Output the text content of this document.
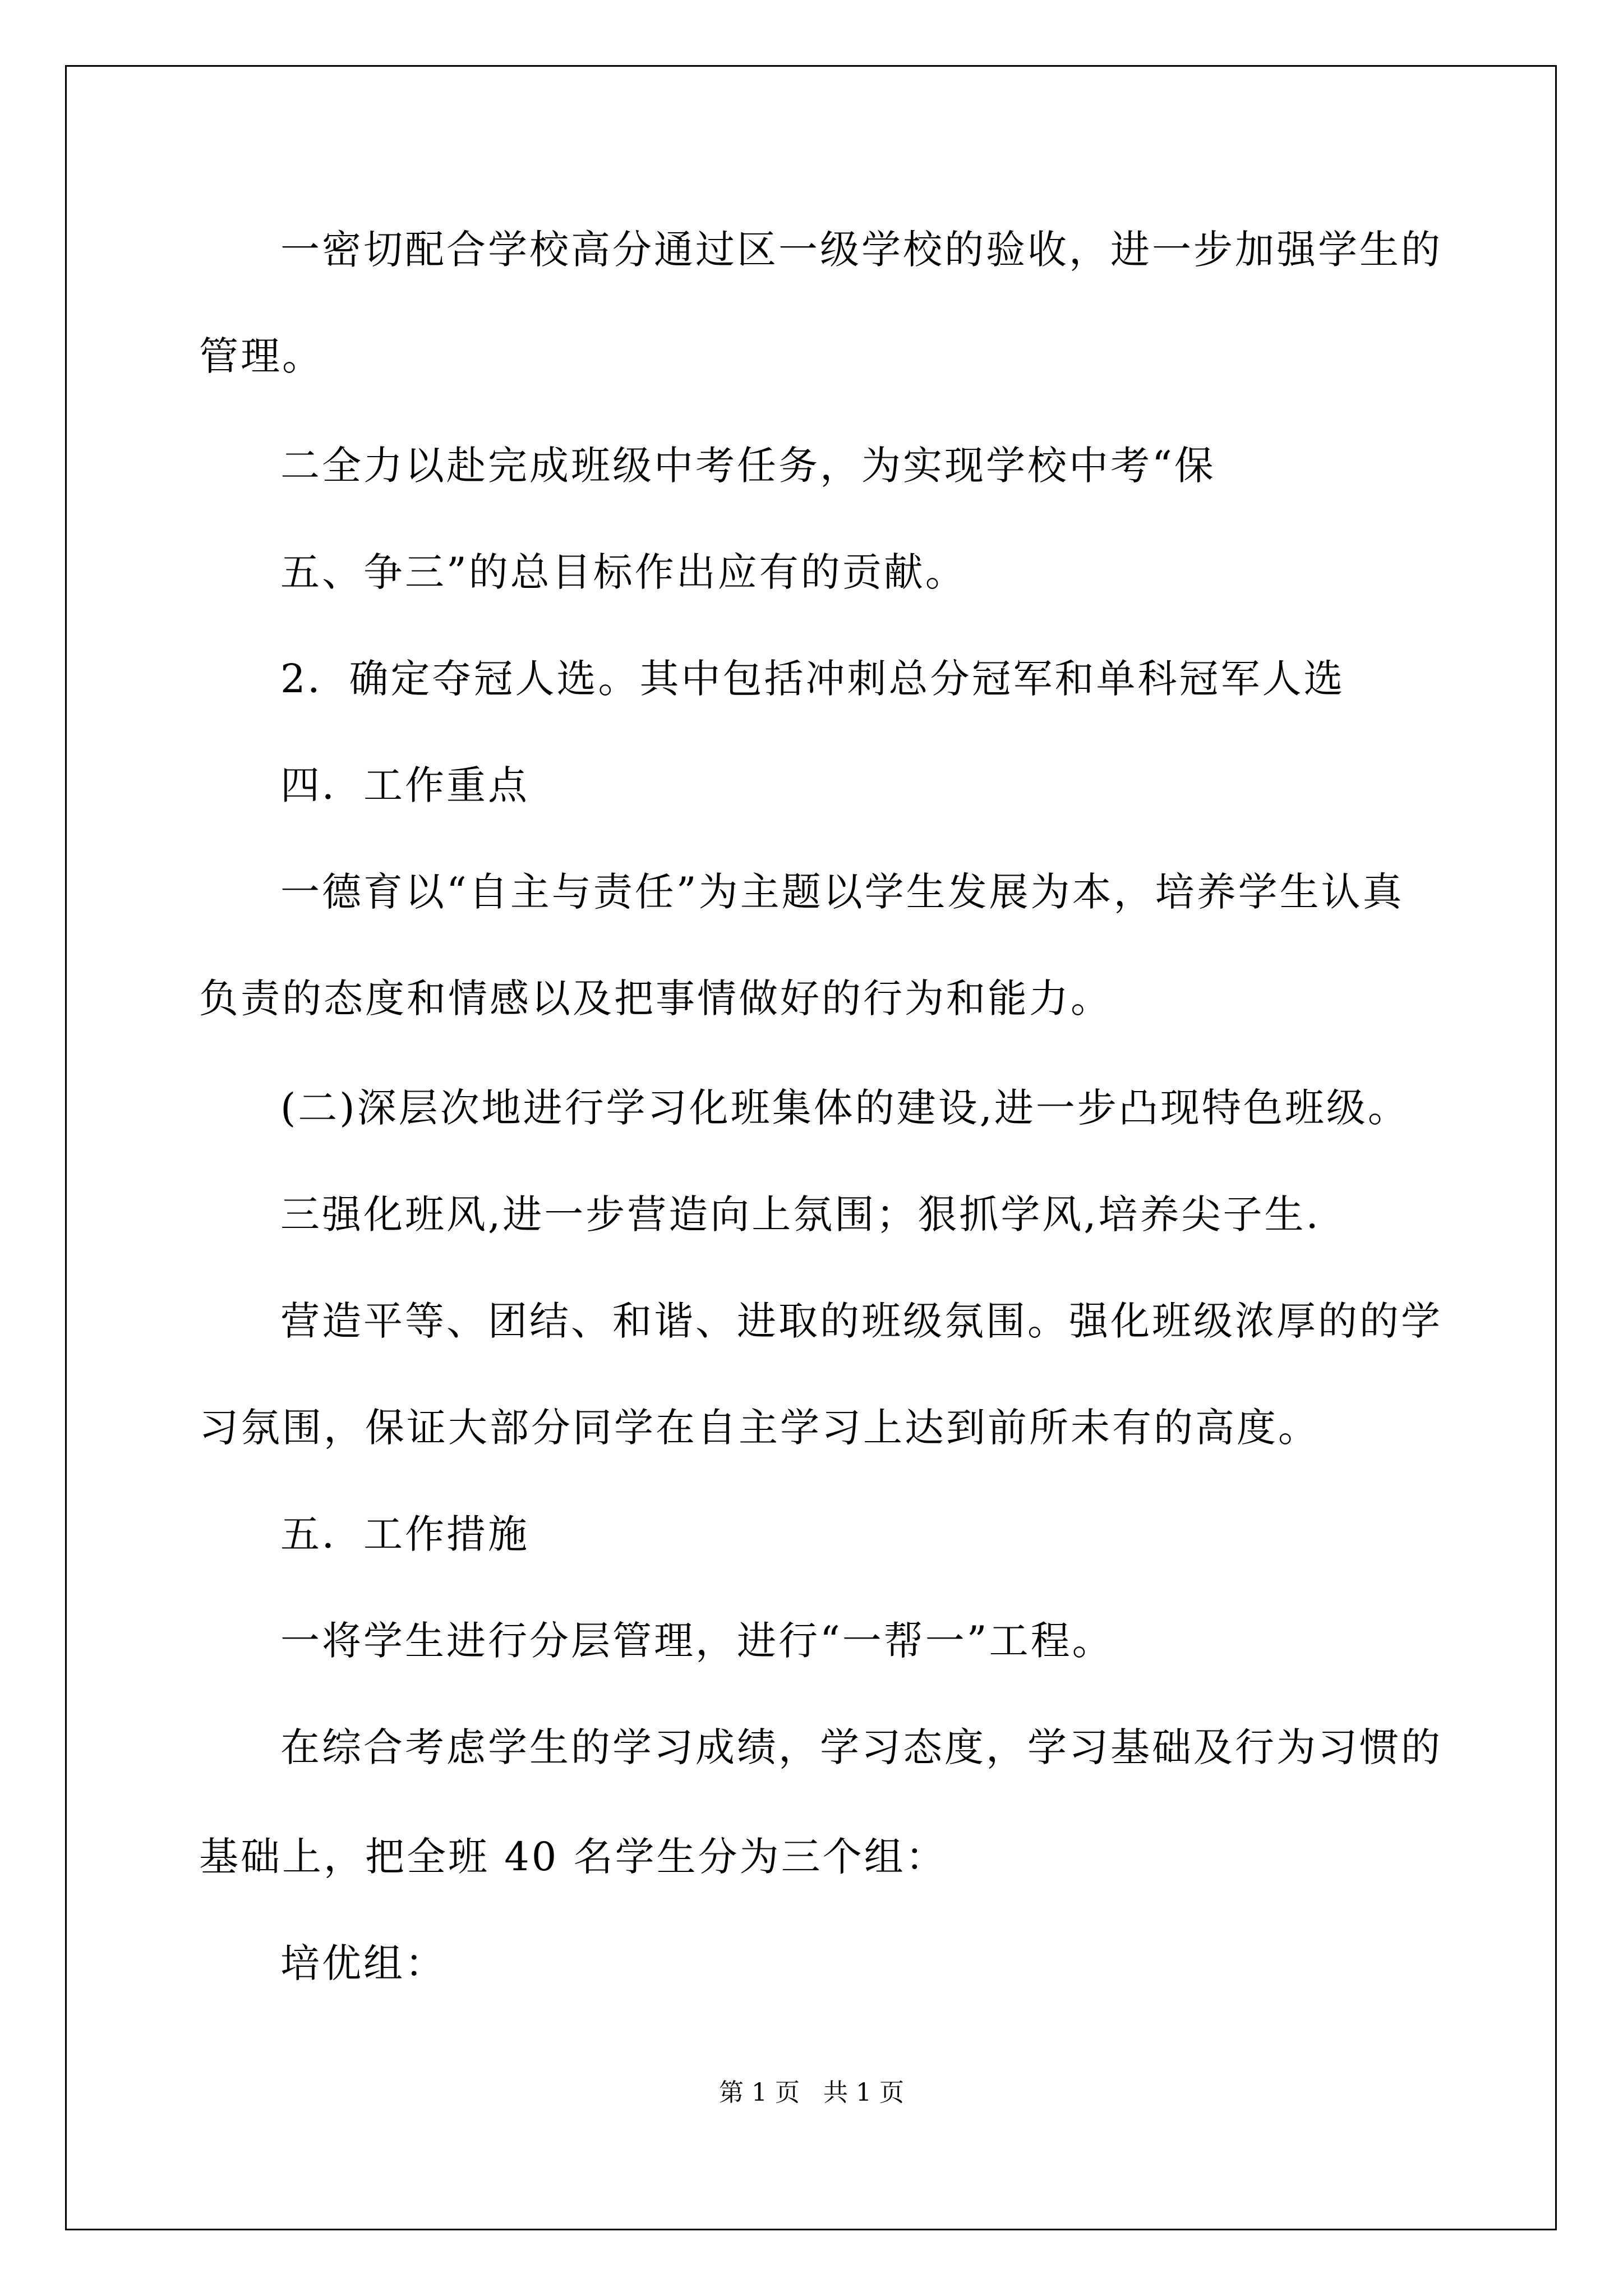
一密切配合学校高分通过区一级学校的验收，进一步加强学生的
管理。
二全力以赴完成班级中考任务，为实现学校中考“保
五、争三”的总目标作出应有的贡献。
2．确定夺冠人选。其中包括冲刺总分冠军和单科冠军人选
四．工作重点
一德育以“自主与责任”为主题以学生发展为本，培养学生认真
负责的态度和情感以及把事情做好的行为和能力。
(二)深层次地进行学习化班集体的建设,进一步凸现特色班级。
三强化班风,进一步营造向上氛围；狠抓学风,培养尖子生.
营造平等、团结、和谐、进取的班级氛围。强化班级浓厚的的学
习氛围，保证大部分同学在自主学习上达到前所未有的高度。
五．工作措施
一将学生进行分层管理，进行“一帮一”工程。
在综合考虑学生的学习成绩，学习态度，学习基础及行为习惯的
基础上，把全班 40 名学生分为三个组：
培优组：
第 1 页   共 1 页
